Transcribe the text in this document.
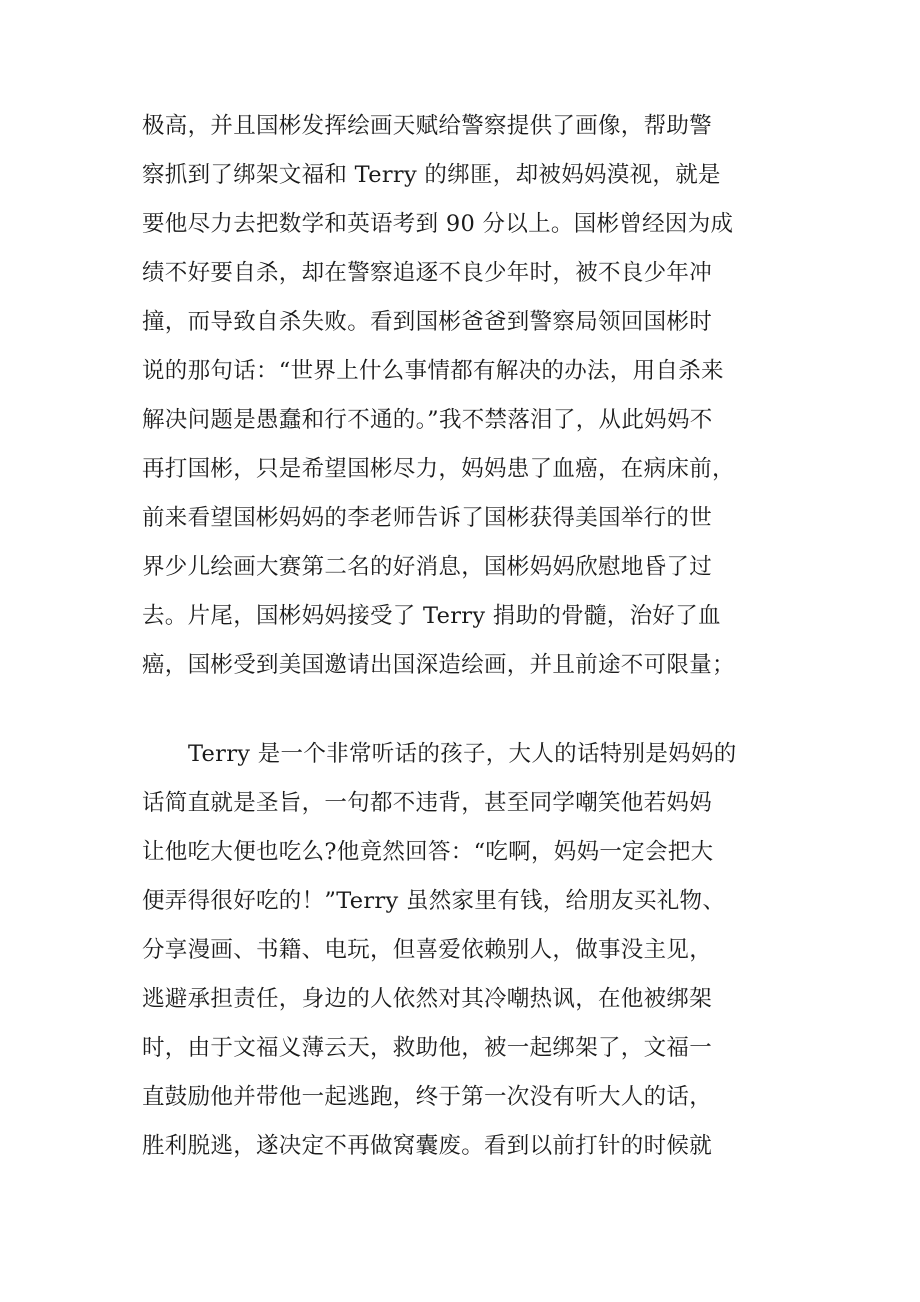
极高，并且国彬发挥绘画天赋给警察提供了画像，帮助警

察抓到了绑架文福和 Terry 的绑匪，却被妈妈漠视，就是

要他尽力去把数学和英语考到 90 分以上。国彬曾经因为成

绩不好要自杀，却在警察追逐不良少年时，被不良少年冲

撞，而导致自杀失败。看到国彬爸爸到警察局领回国彬时

说的那句话：“世界上什么事情都有解决的办法，用自杀来

解决问题是愚蠢和行不通的。”我不禁落泪了，从此妈妈不

再打国彬，只是希望国彬尽力，妈妈患了血癌，在病床前，

前来看望国彬妈妈的李老师告诉了国彬获得美国举行的世

界少儿绘画大赛第二名的好消息，国彬妈妈欣慰地昏了过

去。片尾，国彬妈妈接受了 Terry 捐助的骨髓，治好了血

癌，国彬受到美国邀请出国深造绘画，并且前途不可限量；

Terry 是一个非常听话的孩子，大人的话特别是妈妈的

话简直就是圣旨，一句都不违背，甚至同学嘲笑他若妈妈

让他吃大便也吃么?他竟然回答：“吃啊，妈妈一定会把大

便弄得很好吃的！”Terry 虽然家里有钱，给朋友买礼物、

分享漫画、书籍、电玩，但喜爱依赖别人，做事没主见，

逃避承担责任，身边的人依然对其冷嘲热讽，在他被绑架

时，由于文福义薄云天，救助他，被一起绑架了，文福一

直鼓励他并带他一起逃跑，终于第一次没有听大人的话，

胜利脱逃，遂决定不再做窝囊废。看到以前打针的时候就
